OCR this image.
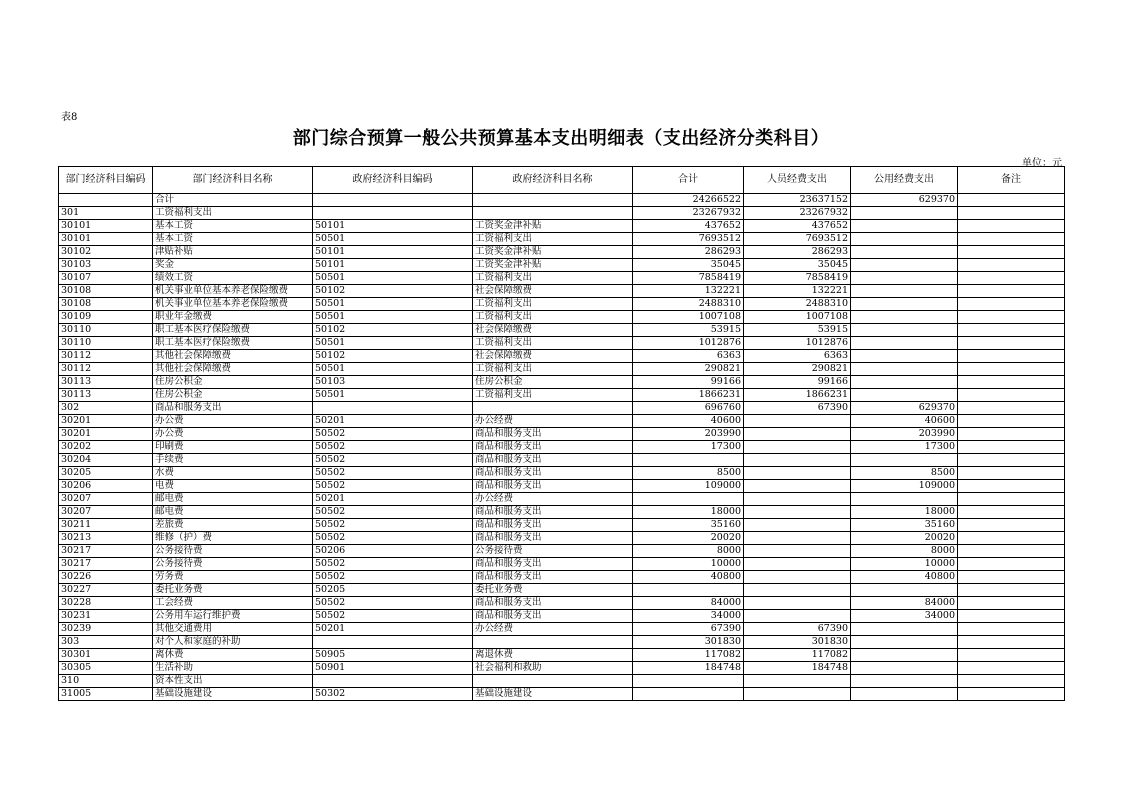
表8
部门综合预算一般公共预算基本支出明细表（支出经济分类科目）
单位：元
部门经济科目编码	部门经济科目名称	政府经济科目编码	政府经济科目名称	合计	人员经费支出	公用经费支出	备注
	合计			24266522	23637152	629370	
301	工资福利支出			23267932	23267932		
30101	基本工资	50101	工资奖金津补贴	437652	437652		
30101	基本工资	50501	工资福利支出	7693512	7693512		
30102	津贴补贴	50101	工资奖金津补贴	286293	286293		
30103	奖金	50101	工资奖金津补贴	35045	35045		
30107	绩效工资	50501	工资福利支出	7858419	7858419		
30108	机关事业单位基本养老保险缴费	50102	社会保障缴费	132221	132221		
30108	机关事业单位基本养老保险缴费	50501	工资福利支出	2488310	2488310		
30109	职业年金缴费	50501	工资福利支出	1007108	1007108		
30110	职工基本医疗保险缴费	50102	社会保障缴费	53915	53915		
30110	职工基本医疗保险缴费	50501	工资福利支出	1012876	1012876		
30112	其他社会保障缴费	50102	社会保障缴费	6363	6363		
30112	其他社会保障缴费	50501	工资福利支出	290821	290821		
30113	住房公积金	50103	住房公积金	99166	99166		
30113	住房公积金	50501	工资福利支出	1866231	1866231		
302	商品和服务支出			696760	67390	629370	
30201	办公费	50201	办公经费	40600		40600	
30201	办公费	50502	商品和服务支出	203990		203990	
30202	印刷费	50502	商品和服务支出	17300		17300	
30204	手续费	50502	商品和服务支出				
30205	水费	50502	商品和服务支出	8500		8500	
30206	电费	50502	商品和服务支出	109000		109000	
30207	邮电费	50201	办公经费				
30207	邮电费	50502	商品和服务支出	18000		18000	
30211	差旅费	50502	商品和服务支出	35160		35160	
30213	维修（护）费	50502	商品和服务支出	20020		20020	
30217	公务接待费	50206	公务接待费	8000		8000	
30217	公务接待费	50502	商品和服务支出	10000		10000	
30226	劳务费	50502	商品和服务支出	40800		40800	
30227	委托业务费	50205	委托业务费				
30228	工会经费	50502	商品和服务支出	84000		84000	
30231	公务用车运行维护费	50502	商品和服务支出	34000		34000	
30239	其他交通费用	50201	办公经费	67390	67390		
303	对个人和家庭的补助			301830	301830		
30301	离休费	50905	离退休费	117082	117082		
30305	生活补助	50901	社会福利和救助	184748	184748		
310	资本性支出						
31005	基础设施建设	50302	基础设施建设				
